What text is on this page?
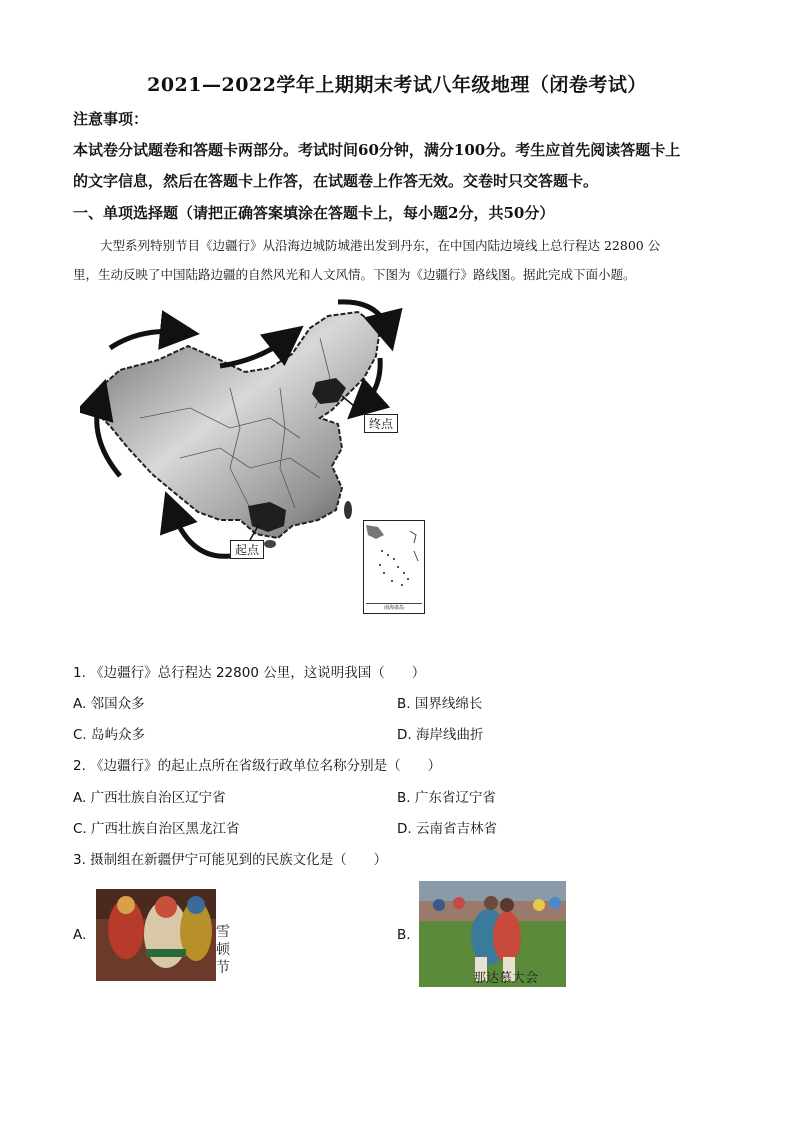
2021—2022学年上期期末考试八年级地理（闭卷考试）
注意事项：
本试卷分试题卷和答题卡两部分。考试时间60分钟，满分100分。考生应首先阅读答题卡上
的文字信息，然后在答题卡上作答，在试题卷上作答无效。交卷时只交答题卡。
一、单项选择题（请把正确答案填涂在答题卡上，每小题2分，共50分）
大型系列特别节目《边疆行》从沿海边城防城港出发到丹东，在中国内陆边境线上总行程达 22800 公
里，生动反映了中国陆路边疆的自然风光和人文风情。下图为《边疆行》路线图。据此完成下面小题。
终点
起点
南海诸岛
1. 《边疆行》总行程达 22800 公里，这说明我国（　　）
A. 邻国众多	B. 国界线绵长
C. 岛屿众多	D. 海岸线曲折
2. 《边疆行》的起止点所在省级行政单位名称分别是（　　）
A. 广西壮族自治区辽宁省	B. 广东省辽宁省
C. 广西壮族自治区黑龙江省	D. 云南省吉林省
3. 摄制组在新疆伊宁可能见到的民族文化是（　　）
A.	B.
雪
顿
节
那达慕大会
